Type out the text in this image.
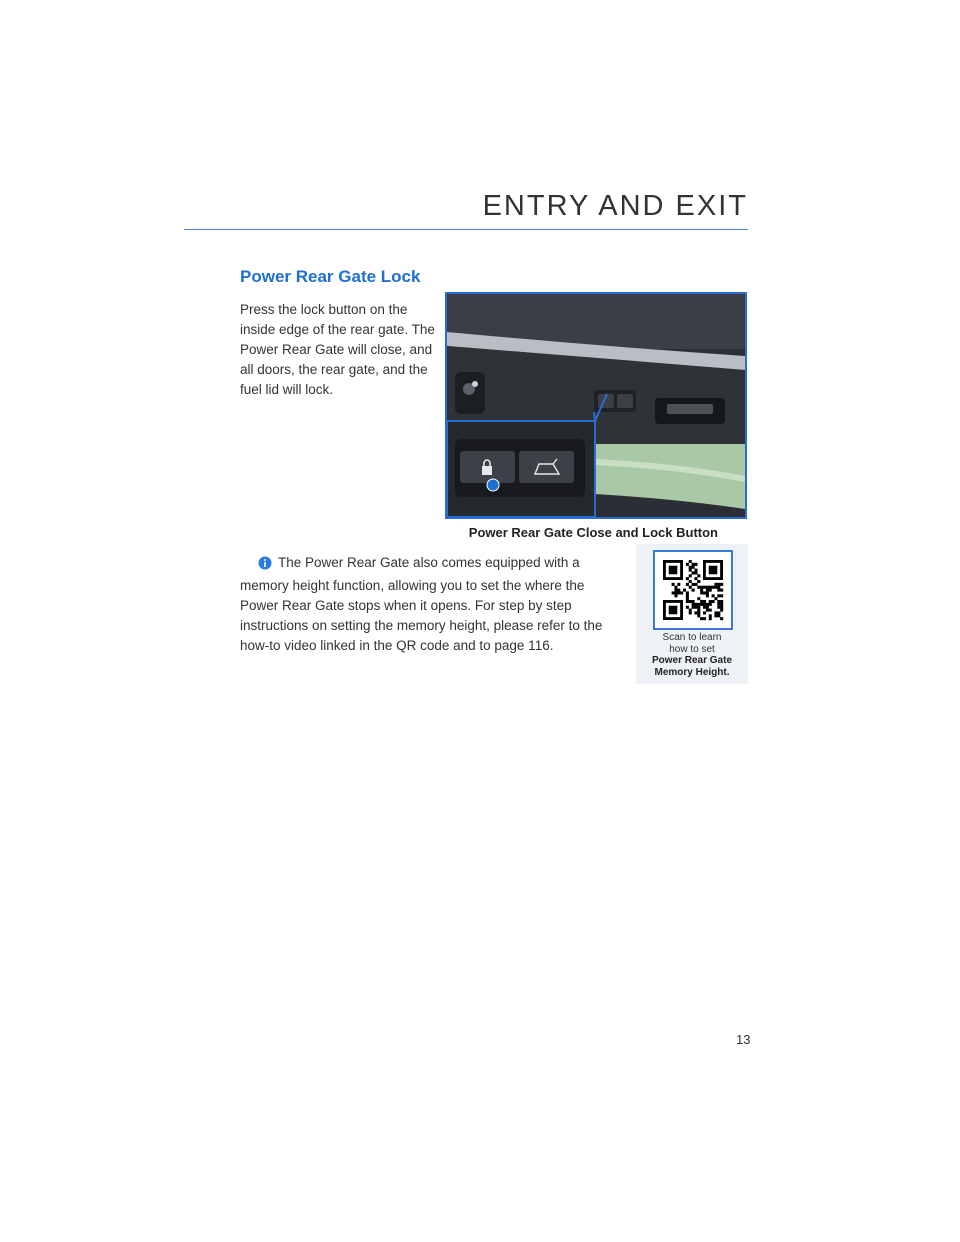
ENTRY AND EXIT
Power Rear Gate Lock
Press the lock button on the inside edge of the rear gate. The Power Rear Gate will close, and all doors, the rear gate, and the fuel lid will lock.
Power Rear Gate Close and Lock Button
The Power Rear Gate also comes equipped with a memory height function, allowing you to set the where the Power Rear Gate stops when it opens. For step by step instructions on setting the memory height, please refer to the how-to video linked in the QR code and to page 116.
Scan to learn
how to set
Power Rear Gate
Memory Height.
13
